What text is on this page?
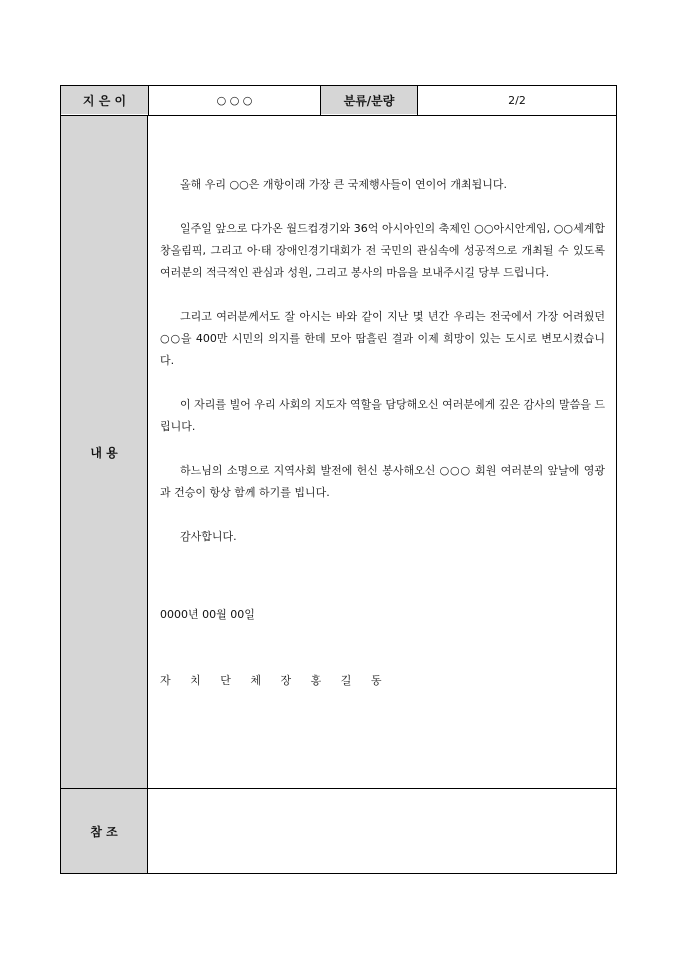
지 은 이	○ ○ ○	분류/분량	2/2
내 용

올해 우리 ○○은 개항이래 가장 큰 국제행사들이 연이어 개최됩니다.

일주일 앞으로 다가온 월드컵경기와 36억 아시아인의 축제인 ○○아시안게임, ○○세계합창올림픽, 그리고 아·태 장애인경기대회가 전 국민의 관심속에 성공적으로 개최될 수 있도록 여러분의 적극적인 관심과 성원, 그리고 봉사의 마음을 보내주시길 당부 드립니다.

그리고 여러분께서도 잘 아시는 바와 같이 지난 몇 년간 우리는 전국에서 가장 어려웠던 ○○을 400만 시민의 의지를 한데 모아 땀흘린 결과 이제 희망이 있는 도시로 변모시켰습니다.

이 자리를 빌어 우리 사회의 지도자 역할을 담당해오신 여러분에게 깊은 감사의 말씀을 드립니다.

하느님의 소명으로 지역사회 발전에 헌신 봉사해오신 ○○○ 회원 여러분의 앞날에 영광과 건승이 항상 함께 하기를 빕니다.

감사합니다.

0000년 00월 00일

자 치 단 체 장 홍 길 동

참 조
